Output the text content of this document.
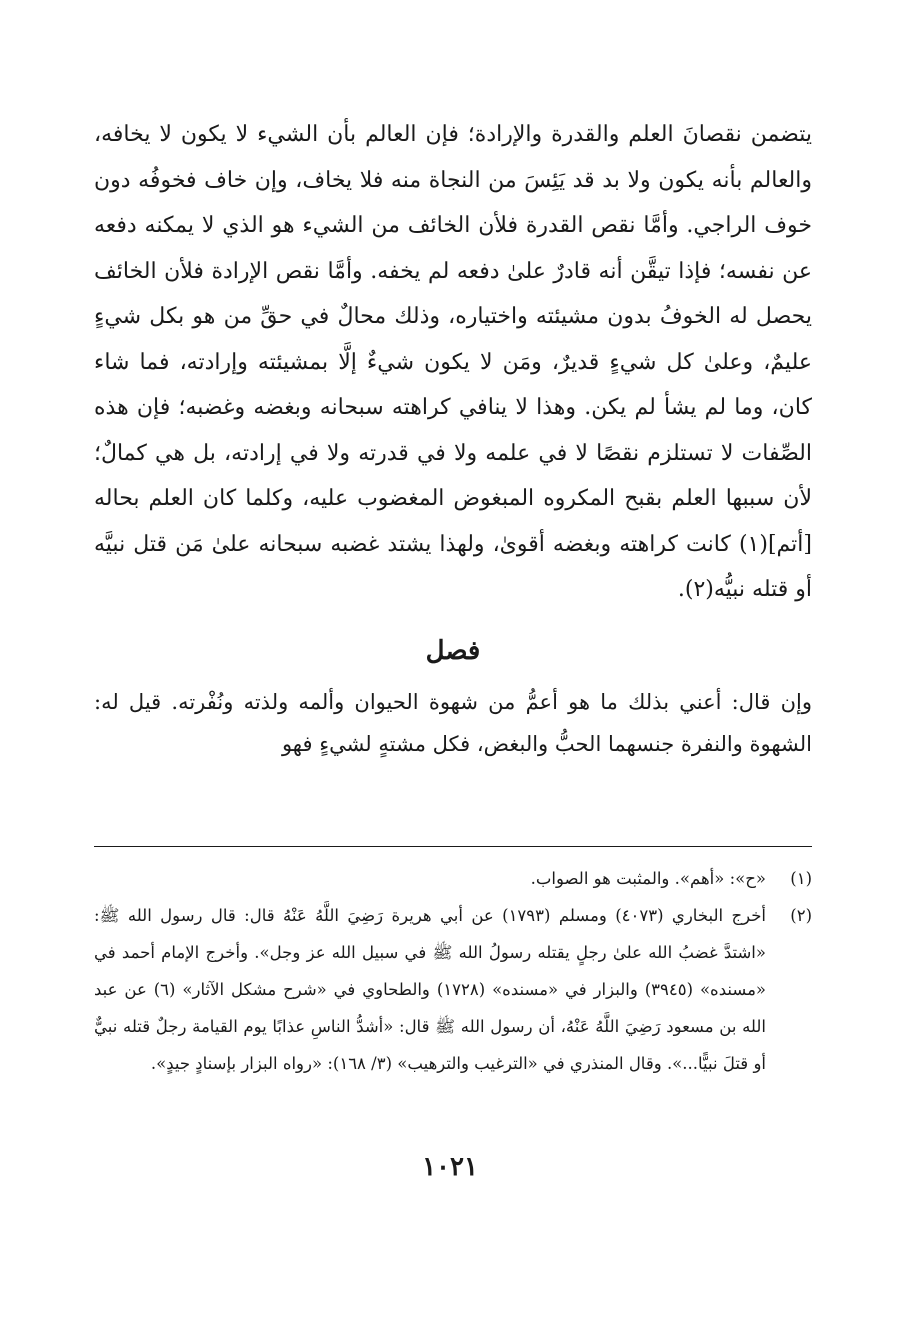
يتضمن نقصانَ العلم والقدرة والإرادة؛ فإن العالم بأن الشيء لا يكون لا يخافه، والعالم بأنه يكون ولا بد قد يَئِسَ من النجاة منه فلا يخاف، وإن خاف فخوفُه دون خوف الراجي. وأمَّا نقص القدرة فلأن الخائف من الشيء هو الذي لا يمكنه دفعه عن نفسه؛ فإذا تيقَّن أنه قادرٌ علىٰ دفعه لم يخفه. وأمَّا نقص الإرادة فلأن الخائف يحصل له الخوفُ بدون مشيئته واختياره، وذلك محالٌ في حقِّ من هو بكل شيءٍ عليمٌ، وعلىٰ كل شيءٍ قديرٌ، ومَن لا يكون شيءٌ إلَّا بمشيئته وإرادته، فما شاء كان، وما لم يشأ لم يكن. وهذا لا ينافي كراهته سبحانه وبغضه وغضبه؛ فإن هذه الصِّفات لا تستلزم نقصًا لا في علمه ولا في قدرته ولا في إرادته، بل هي كمالٌ؛ لأن سببها العلم بقبح المكروه المبغوض المغضوب عليه، وكلما كان العلم بحاله [أتم](١) كانت كراهته وبغضه أقوىٰ، ولهذا يشتد غضبه سبحانه علىٰ مَن قتل نبيَّه أو قتله نبيُّه(٢).

فصل

وإن قال: أعني بذلك ما هو أعمُّ من شهوة الحيوان وألمه ولذته ونُفْرته. قيل له: الشهوة والنفرة جنسهما الحبُّ والبغض، فكل مشتهٍ لشيءٍ فهو

(١)
«ح»: «أهم». والمثبت هو الصواب.
(٢)
أخرج البخاري (٤٠٧٣) ومسلم (١٧٩٣) عن أبي هريرة رَضِيَ اللَّهُ عَنْهُ قال: قال رسول الله ﷺ: «اشتدَّ غضبُ الله علىٰ رجلٍ يقتله رسولُ الله ﷺ في سبيل الله عز وجل». وأخرج الإمام أحمد في «مسنده» (٣٩٤٥) والبزار في «مسنده» (١٧٢٨) والطحاوي في «شرح مشكل الآثار» (٦) عن عبد الله بن مسعود رَضِيَ اللَّهُ عَنْهُ، أن رسول الله ﷺ قال: «أشدُّ الناسِ عذابًا يوم القيامة رجلٌ قتله نبيٌّ أو قتلَ نبيًّا...». وقال المنذري في «الترغيب والترهيب» (٣/ ١٦٨): «رواه البزار بإسنادٍ جيدٍ».
١٠٢١
